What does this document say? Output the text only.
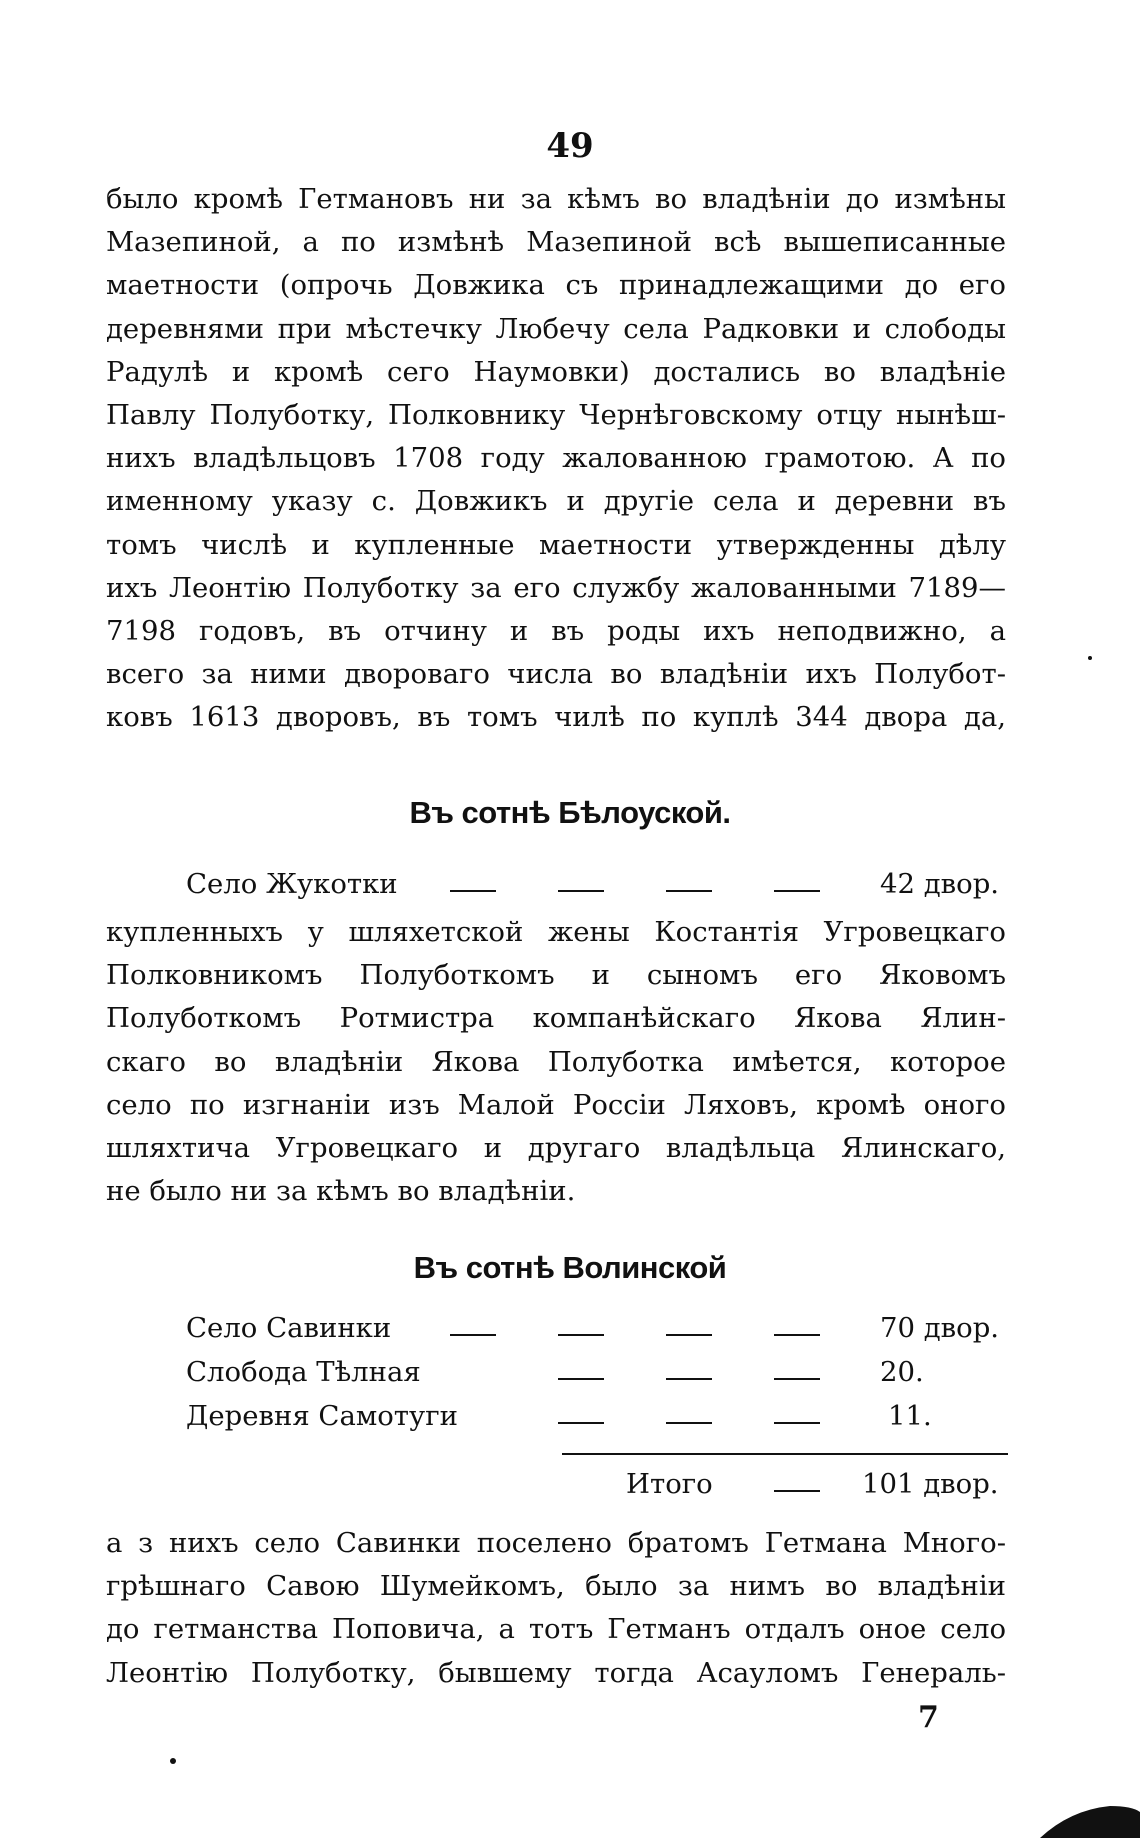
49
было кромѣ Гетмановъ ни за кѣмъ во владѣніи до измѣны
Мазепиной, а по измѣнѣ Мазепиной всѣ вышеписанные
маетности (опрочь Довжика съ принадлежащими до его
деревнями при мѣстечку Любечу села Радковки и слободы
Радулѣ и кромѣ сего Наумовки) достались во владѣніе
Павлу Полуботку, Полковнику Чернѣговскому отцу нынѣш-
нихъ владѣльцовъ 1708 году жалованною грамотою. А по
именному указу с. Довжикъ и другіе села и деревни въ
томъ числѣ и купленные маетности утвержденны дѣлу
ихъ Леонтію Полуботку за его службу жалованными 7189—
7198 годовъ, въ отчину и въ роды ихъ неподвижно, а
всего за ними двороваго числа во владѣніи ихъ Полубот-
ковъ 1613 дворовъ, въ томъ чилѣ по куплѣ 344 двора да,
Въ сотнѣ Бѣлоуской.
Село Жукотки	42 двор.
купленныхъ у шляхетской жены Костантія Угровецкаго
Полковникомъ Полуботкомъ и сыномъ его Яковомъ
Полуботкомъ Ротмистра компанѣйскаго Якова Ялин-
скаго во владѣніи Якова Полуботка имѣется, которое
село по изгнаніи изъ Малой Россіи Ляховъ, кромѣ оного
шляхтича Угровецкаго и другаго владѣльца Ялинскаго,
не было ни за кѣмъ во владѣніи.
Въ сотнѣ Волинской
Село Савинки	70 двор.
Слобода Тѣлная	20.
Деревня Самотуги	11.
Итого	101 двор.
а з нихъ село Савинки поселено братомъ Гетмана Много-
грѣшнаго Савою Шумейкомъ, было за нимъ во владѣніи
до гетманства Поповича, а тотъ Гетманъ отдалъ оное село
Леонтію Полуботку, бывшему тогда Асауломъ Генераль-
7
